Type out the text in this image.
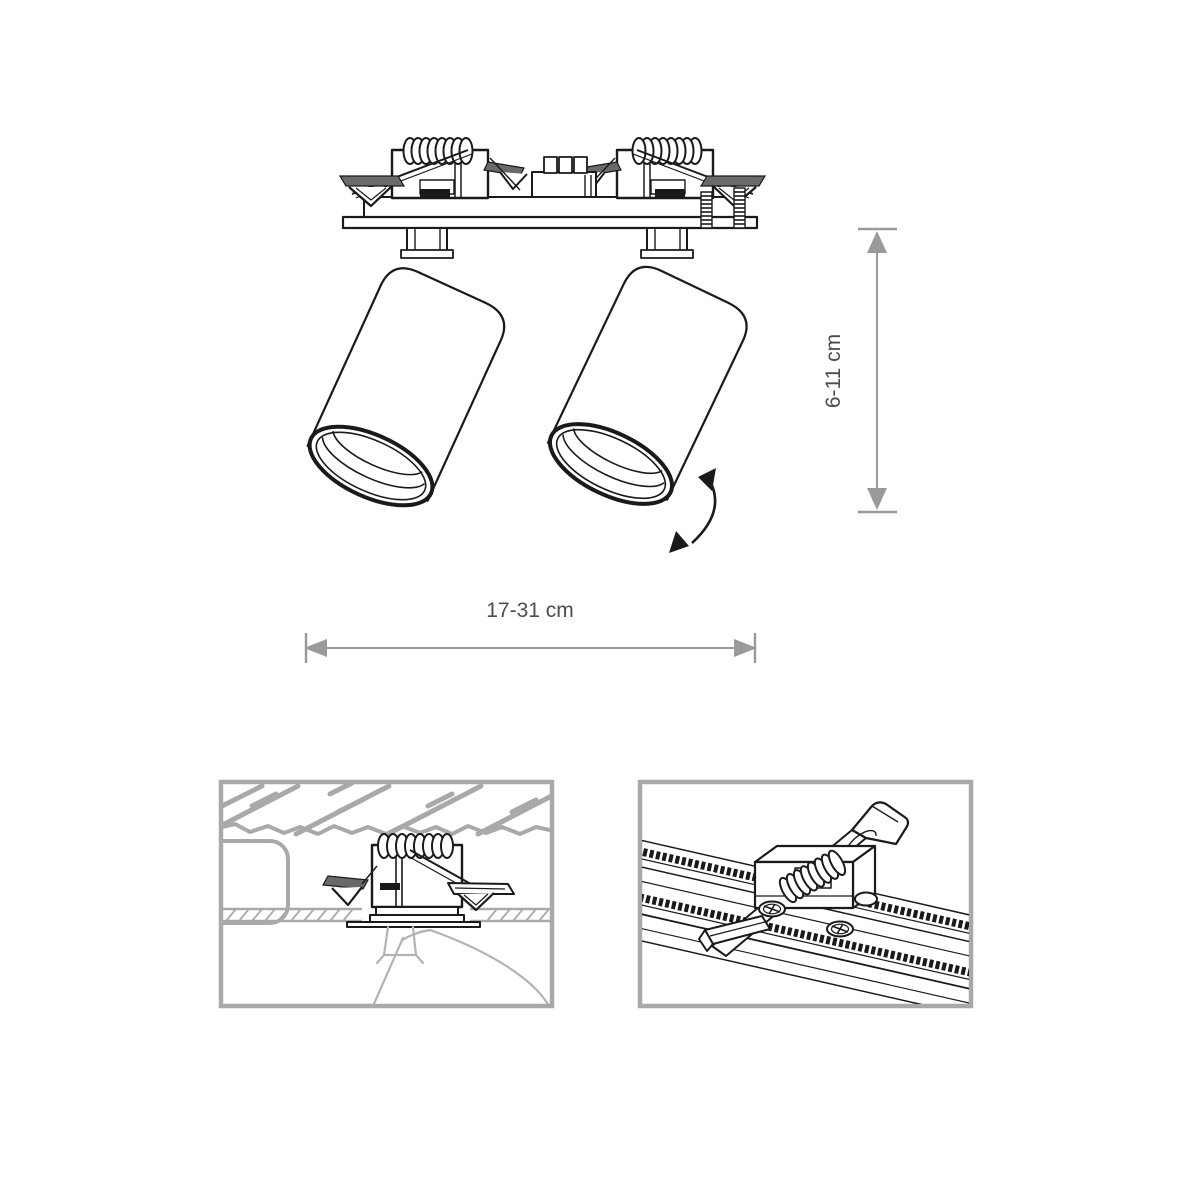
6-11 cm
17-31 cm
